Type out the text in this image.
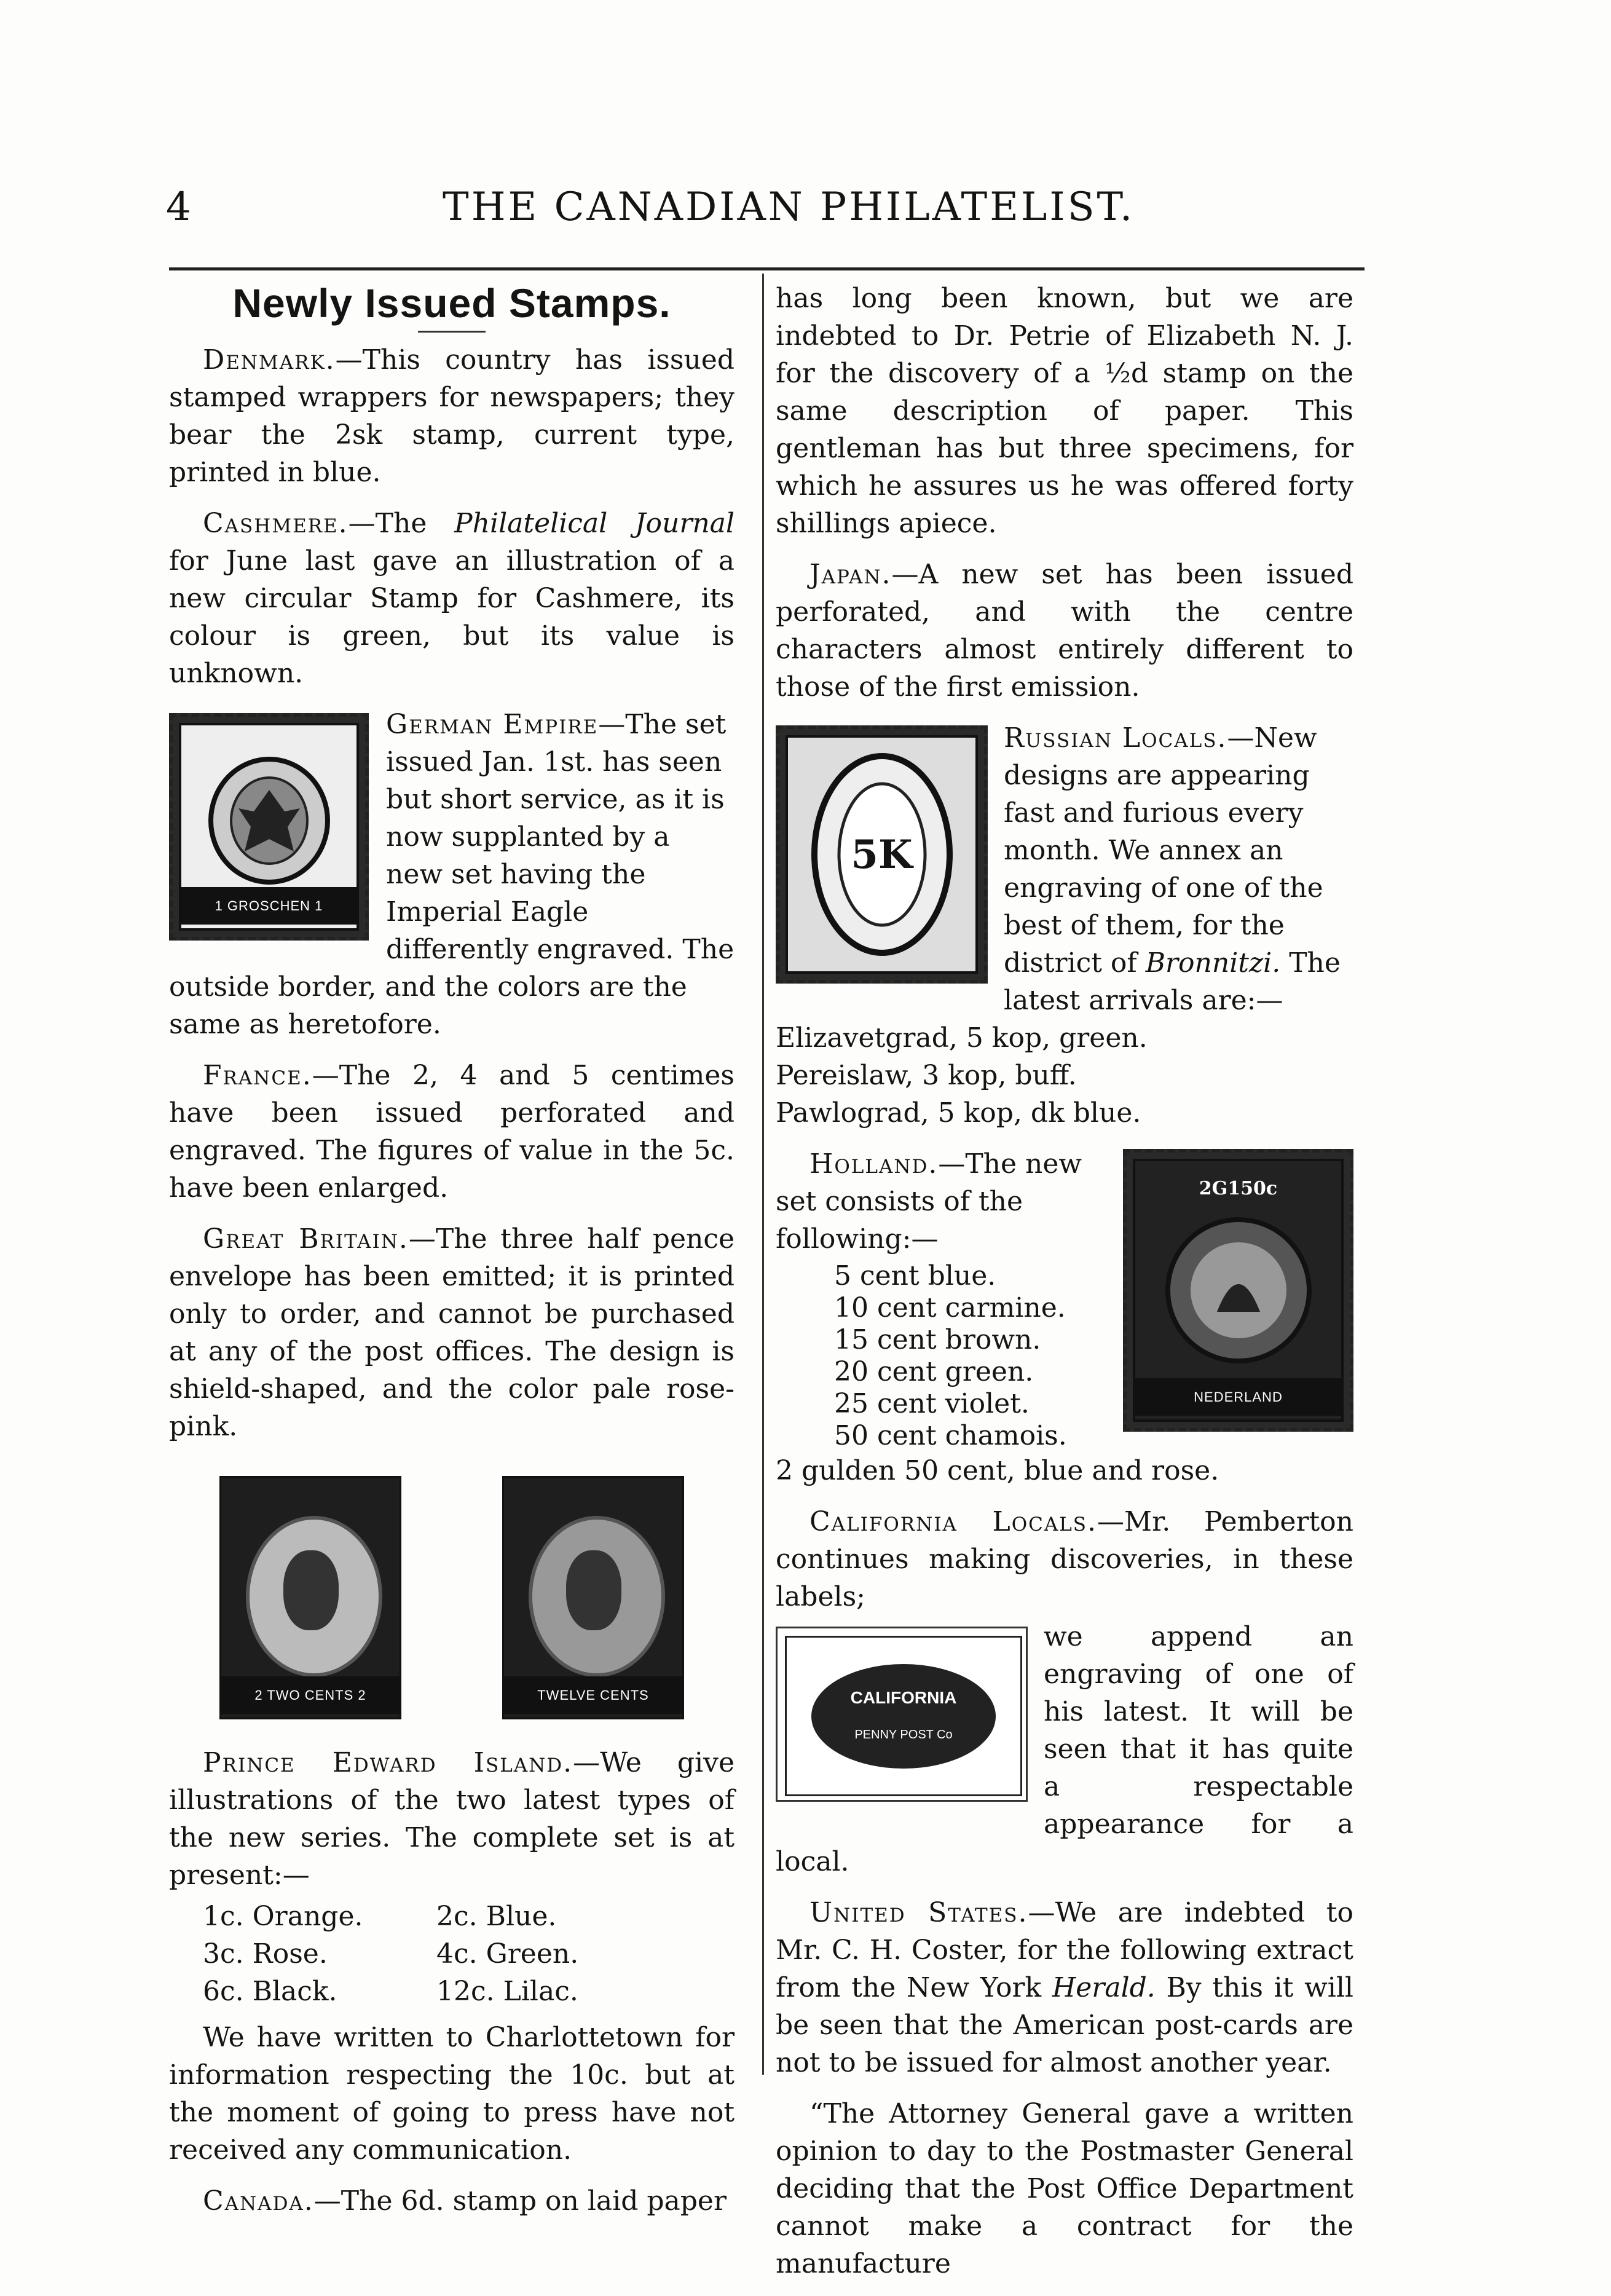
4	THE CANADIAN PHILATELIST.
Newly Issued Stamps.

Denmark.—This country has issued stamped wrappers for newspapers; they bear the 2sk stamp, current type, printed in blue.

Cashmere.—The Philatelical Journal for June last gave an illustration of a new circular Stamp for Cashmere, its colour is green, but its value is unknown.

1 GROSCHEN 1

German Empire—The set issued Jan. 1st. has seen but short service, as it is now supplanted by a new set having the Imperial Eagle differently engraved. The outside border, and the colors are the same as heretofore.

France.—The 2, 4 and 5 centimes have been issued perforated and engraved. The figures of value in the 5c. have been enlarged.

Great Britain.—The three half pence envelope has been emitted; it is printed only to order, and cannot be purchased at any of the post offices. The design is shield-shaped, and the color pale rose-pink.

2 TWO CENTS 2	TWELVE CENTS

Prince Edward Island.—We give illustrations of the two latest types of the new series. The complete set is at present:—

1c. Orange.	2c. Blue.
3c. Rose.	4c. Green.
6c. Black.	12c. Lilac.

We have written to Charlottetown for information respecting the 10c. but at the moment of going to press have not received any communication.

Canada.—The 6d. stamp on laid paper

has long been known, but we are indebted to Dr. Petrie of Elizabeth N. J. for the discovery of a ½d stamp on the same description of paper. This gentleman has but three specimens, for which he assures us he was offered forty shillings apiece.

Japan.—A new set has been issued perforated, and with the centre characters almost entirely different to those of the first emission.

5K

Russian Locals.—New designs are appearing fast and furious every month. We annex an engraving of one of the best of them, for the district of Bronnitzi. The latest arrivals are:—

Elizavetgrad, 5 kop, green.
Pereislaw, 3 kop, buff.
Pawlograd, 5 kop, dk blue.
2G150c
NEDERLAND

Holland.—The new set consists of the following:—

5 cent blue.
10 cent carmine.
15 cent brown.
20 cent green.
25 cent violet.
50 cent chamois.

2 gulden 50 cent, blue and rose.

California Locals.—Mr. Pemberton continues making discoveries, in these labels;

CALIFORNIA
PENNY POST Co

we append an engraving of one of his latest. It will be seen that it has quite a respectable appearance for a local.

United States.—We are indebted to Mr. C. H. Coster, for the following extract from the New York Herald. By this it will be seen that the American post-cards are not to be issued for almost another year.

“The Attorney General gave a written opinion to day to the Postmaster General deciding that the Post Office Department cannot make a contract for the manufacture
